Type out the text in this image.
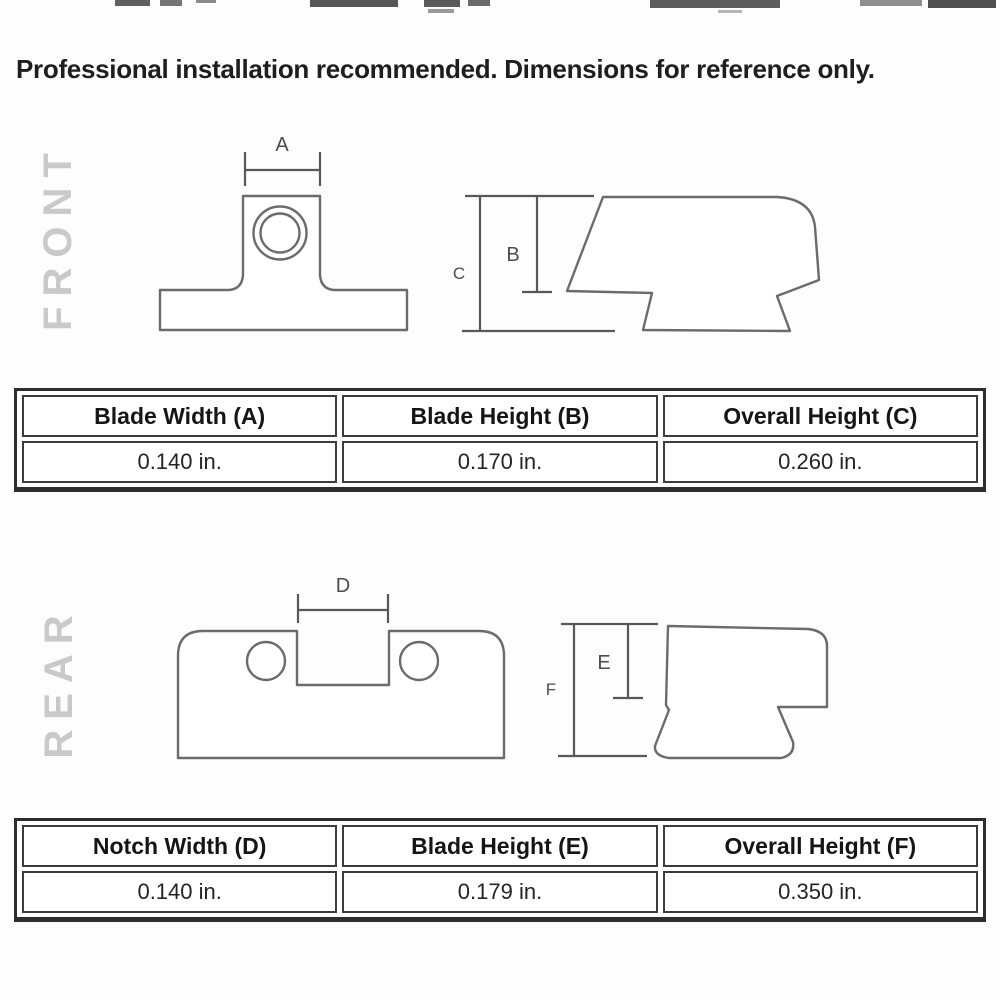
Professional installation recommended. Dimensions for reference only.
FRONT
REAR
A
C
B
D
F
E
Blade Width (A)	Blade Height (B)	Overall Height (C)
0.140 in.	0.170 in.	0.260 in.
Notch Width (D)	Blade Height (E)	Overall Height (F)
0.140 in.	0.179 in.	0.350 in.
